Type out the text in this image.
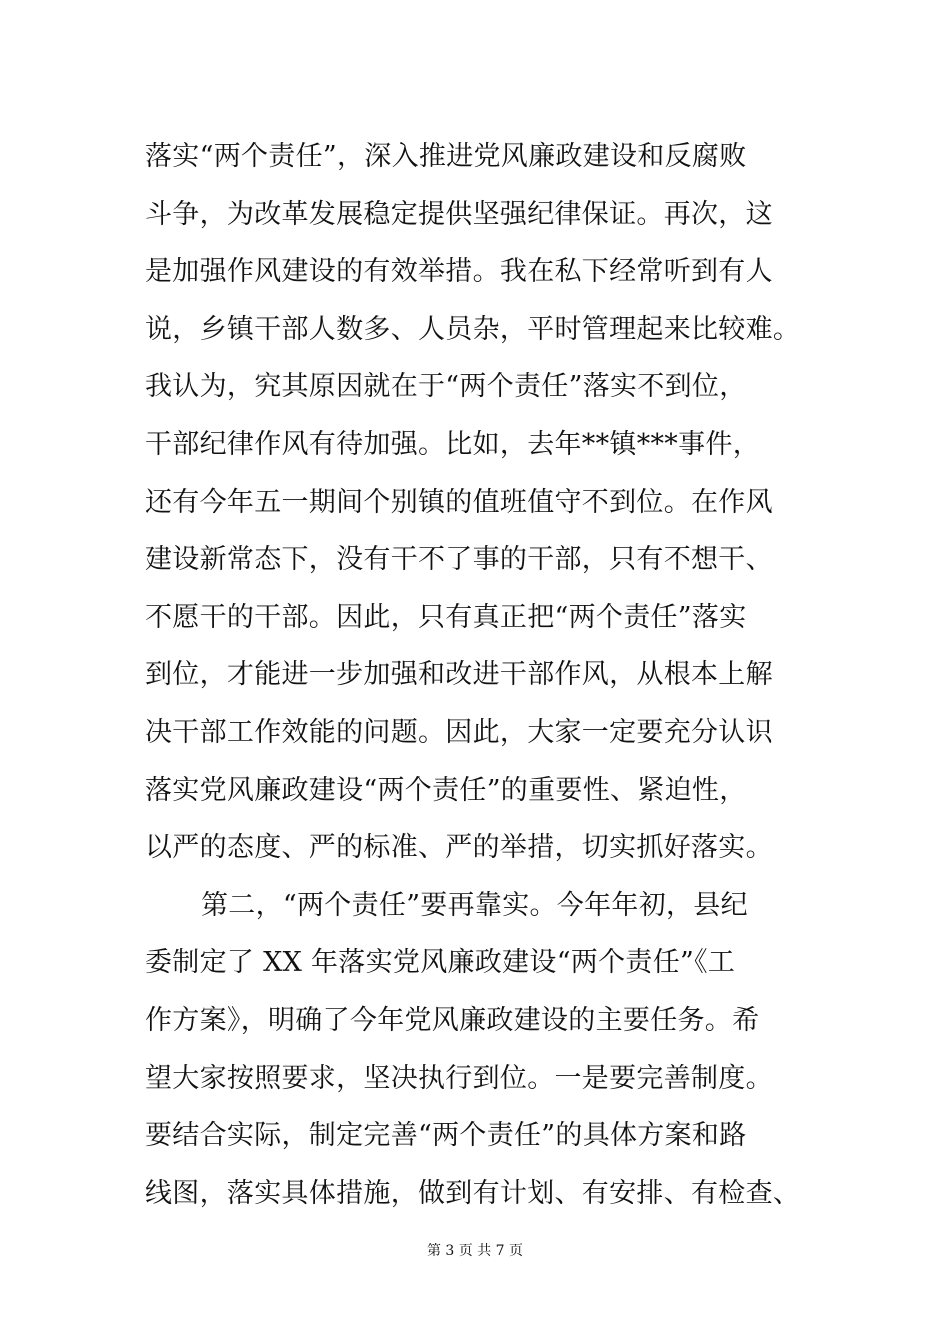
落实“两个责任”，深入推进党风廉政建设和反腐败
斗争，为改革发展稳定提供坚强纪律保证。再次，这
是加强作风建设的有效举措。我在私下经常听到有人
说，乡镇干部人数多、人员杂，平时管理起来比较难。
我认为，究其原因就在于“两个责任”落实不到位，
干部纪律作风有待加强。比如，去年**镇***事件，
还有今年五一期间个别镇的值班值守不到位。在作风
建设新常态下，没有干不了事的干部，只有不想干、
不愿干的干部。因此，只有真正把“两个责任”落实
到位，才能进一步加强和改进干部作风，从根本上解
决干部工作效能的问题。因此，大家一定要充分认识
落实党风廉政建设“两个责任”的重要性、紧迫性，
以严的态度、严的标准、严的举措，切实抓好落实。
第二，“两个责任”要再靠实。今年年初，县纪
委制定了 XX 年落实党风廉政建设“两个责任”《工
作方案》，明确了今年党风廉政建设的主要任务。希
望大家按照要求，坚决执行到位。一是要完善制度。
要结合实际，制定完善“两个责任”的具体方案和路
线图，落实具体措施，做到有计划、有安排、有检查、
第 3 页 共 7 页
